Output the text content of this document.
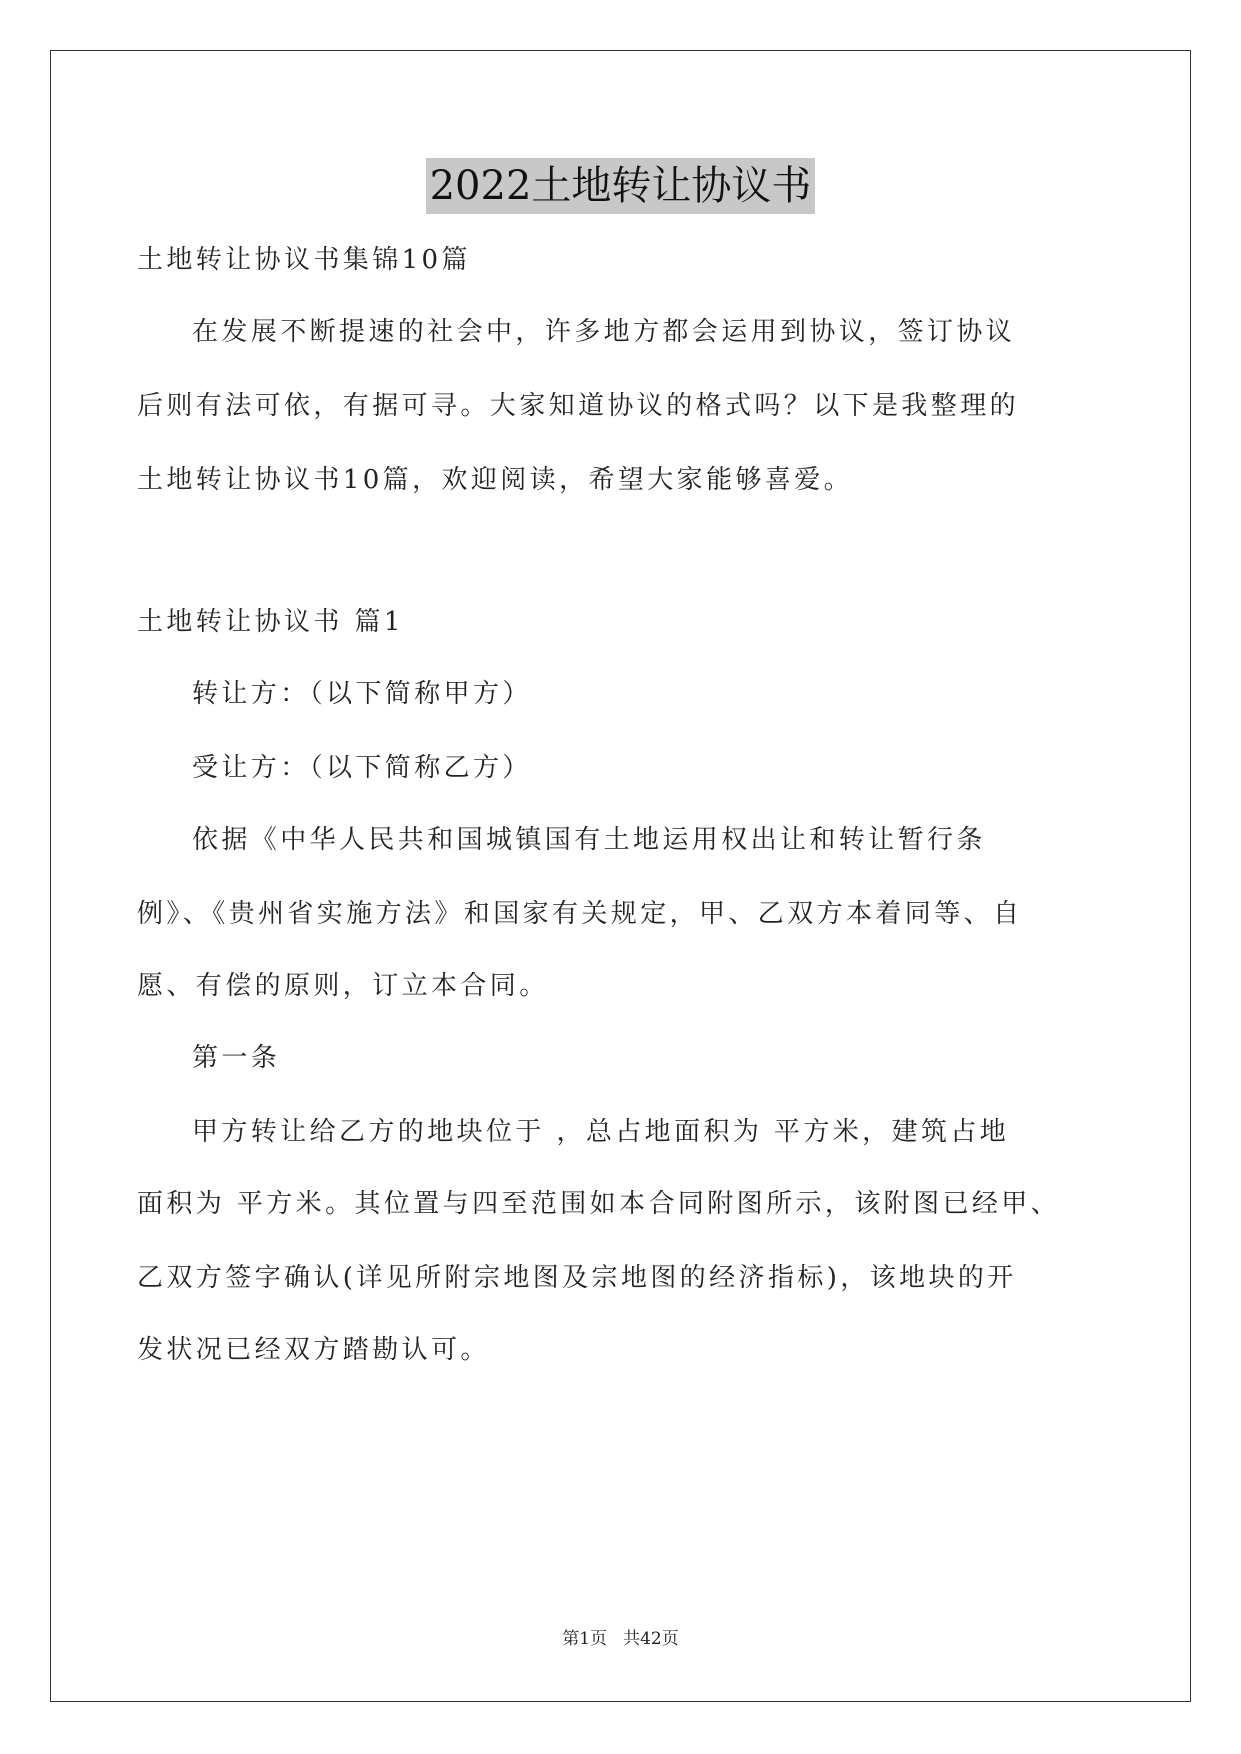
2022土地转让协议书

土地转让协议书集锦10篇

在发展不断提速的社会中，许多地方都会运用到协议，签订协议

后则有法可依，有据可寻。大家知道协议的格式吗？以下是我整理的

土地转让协议书10篇，欢迎阅读，希望大家能够喜爱。

土地转让协议书 篇1

转让方：（以下简称甲方）

受让方：（以下简称乙方）

依据《中华人民共和国城镇国有土地运用权出让和转让暂行条

例》、《贵州省实施方法》和国家有关规定，甲、乙双方本着同等、自

愿、有偿的原则，订立本合同。

第一条

甲方转让给乙方的地块位于 ，总占地面积为 平方米，建筑占地

面积为 平方米。其位置与四至范围如本合同附图所示，该附图已经甲、

乙双方签字确认(详见所附宗地图及宗地图的经济指标)，该地块的开

发状况已经双方踏勘认可。

第1页 共42页
